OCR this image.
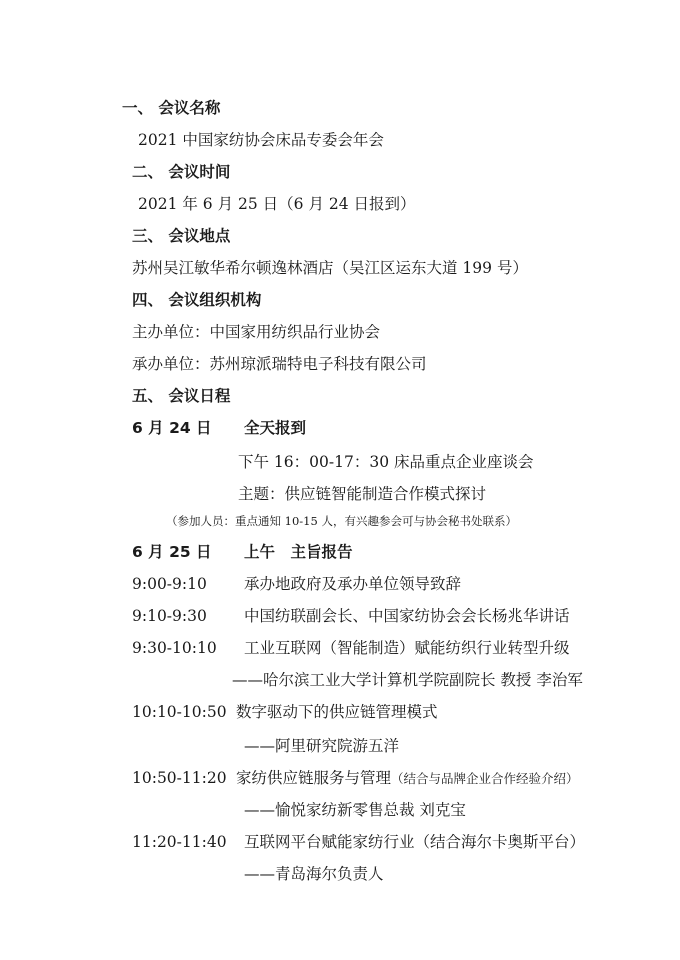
一、 会议名称
2021 中国家纺协会床品专委会年会
二、 会议时间
2021 年 6 月 25 日（6 月 24 日报到）
三、 会议地点
苏州吴江敏华希尔顿逸林酒店（吴江区运东大道 199 号）
四、 会议组织机构
主办单位：中国家用纺织品行业协会
承办单位：苏州琼派瑞特电子科技有限公司
五、 会议日程
6 月 24 日 全天报到
下午 16：00-17：30 床品重点企业座谈会
主题：供应链智能制造合作模式探讨
（参加人员：重点通知 10-15 人，有兴趣参会可与协会秘书处联系）
6 月 25 日 上午　主旨报告
9:00-9:10 承办地政府及承办单位领导致辞
9:10-9:30 中国纺联副会长、中国家纺协会会长杨兆华讲话
9:30-10:10 工业互联网（智能制造）赋能纺织行业转型升级
——哈尔滨工业大学计算机学院副院长 教授 李治军
10:10-10:50 数字驱动下的供应链管理模式
——阿里研究院游五洋
10:50-11:20 家纺供应链服务与管理（结合与品牌企业合作经验介绍）
——愉悦家纺新零售总裁 刘克宝
11:20-11:40 互联网平台赋能家纺行业（结合海尔卡奥斯平台）
——青岛海尔负责人
